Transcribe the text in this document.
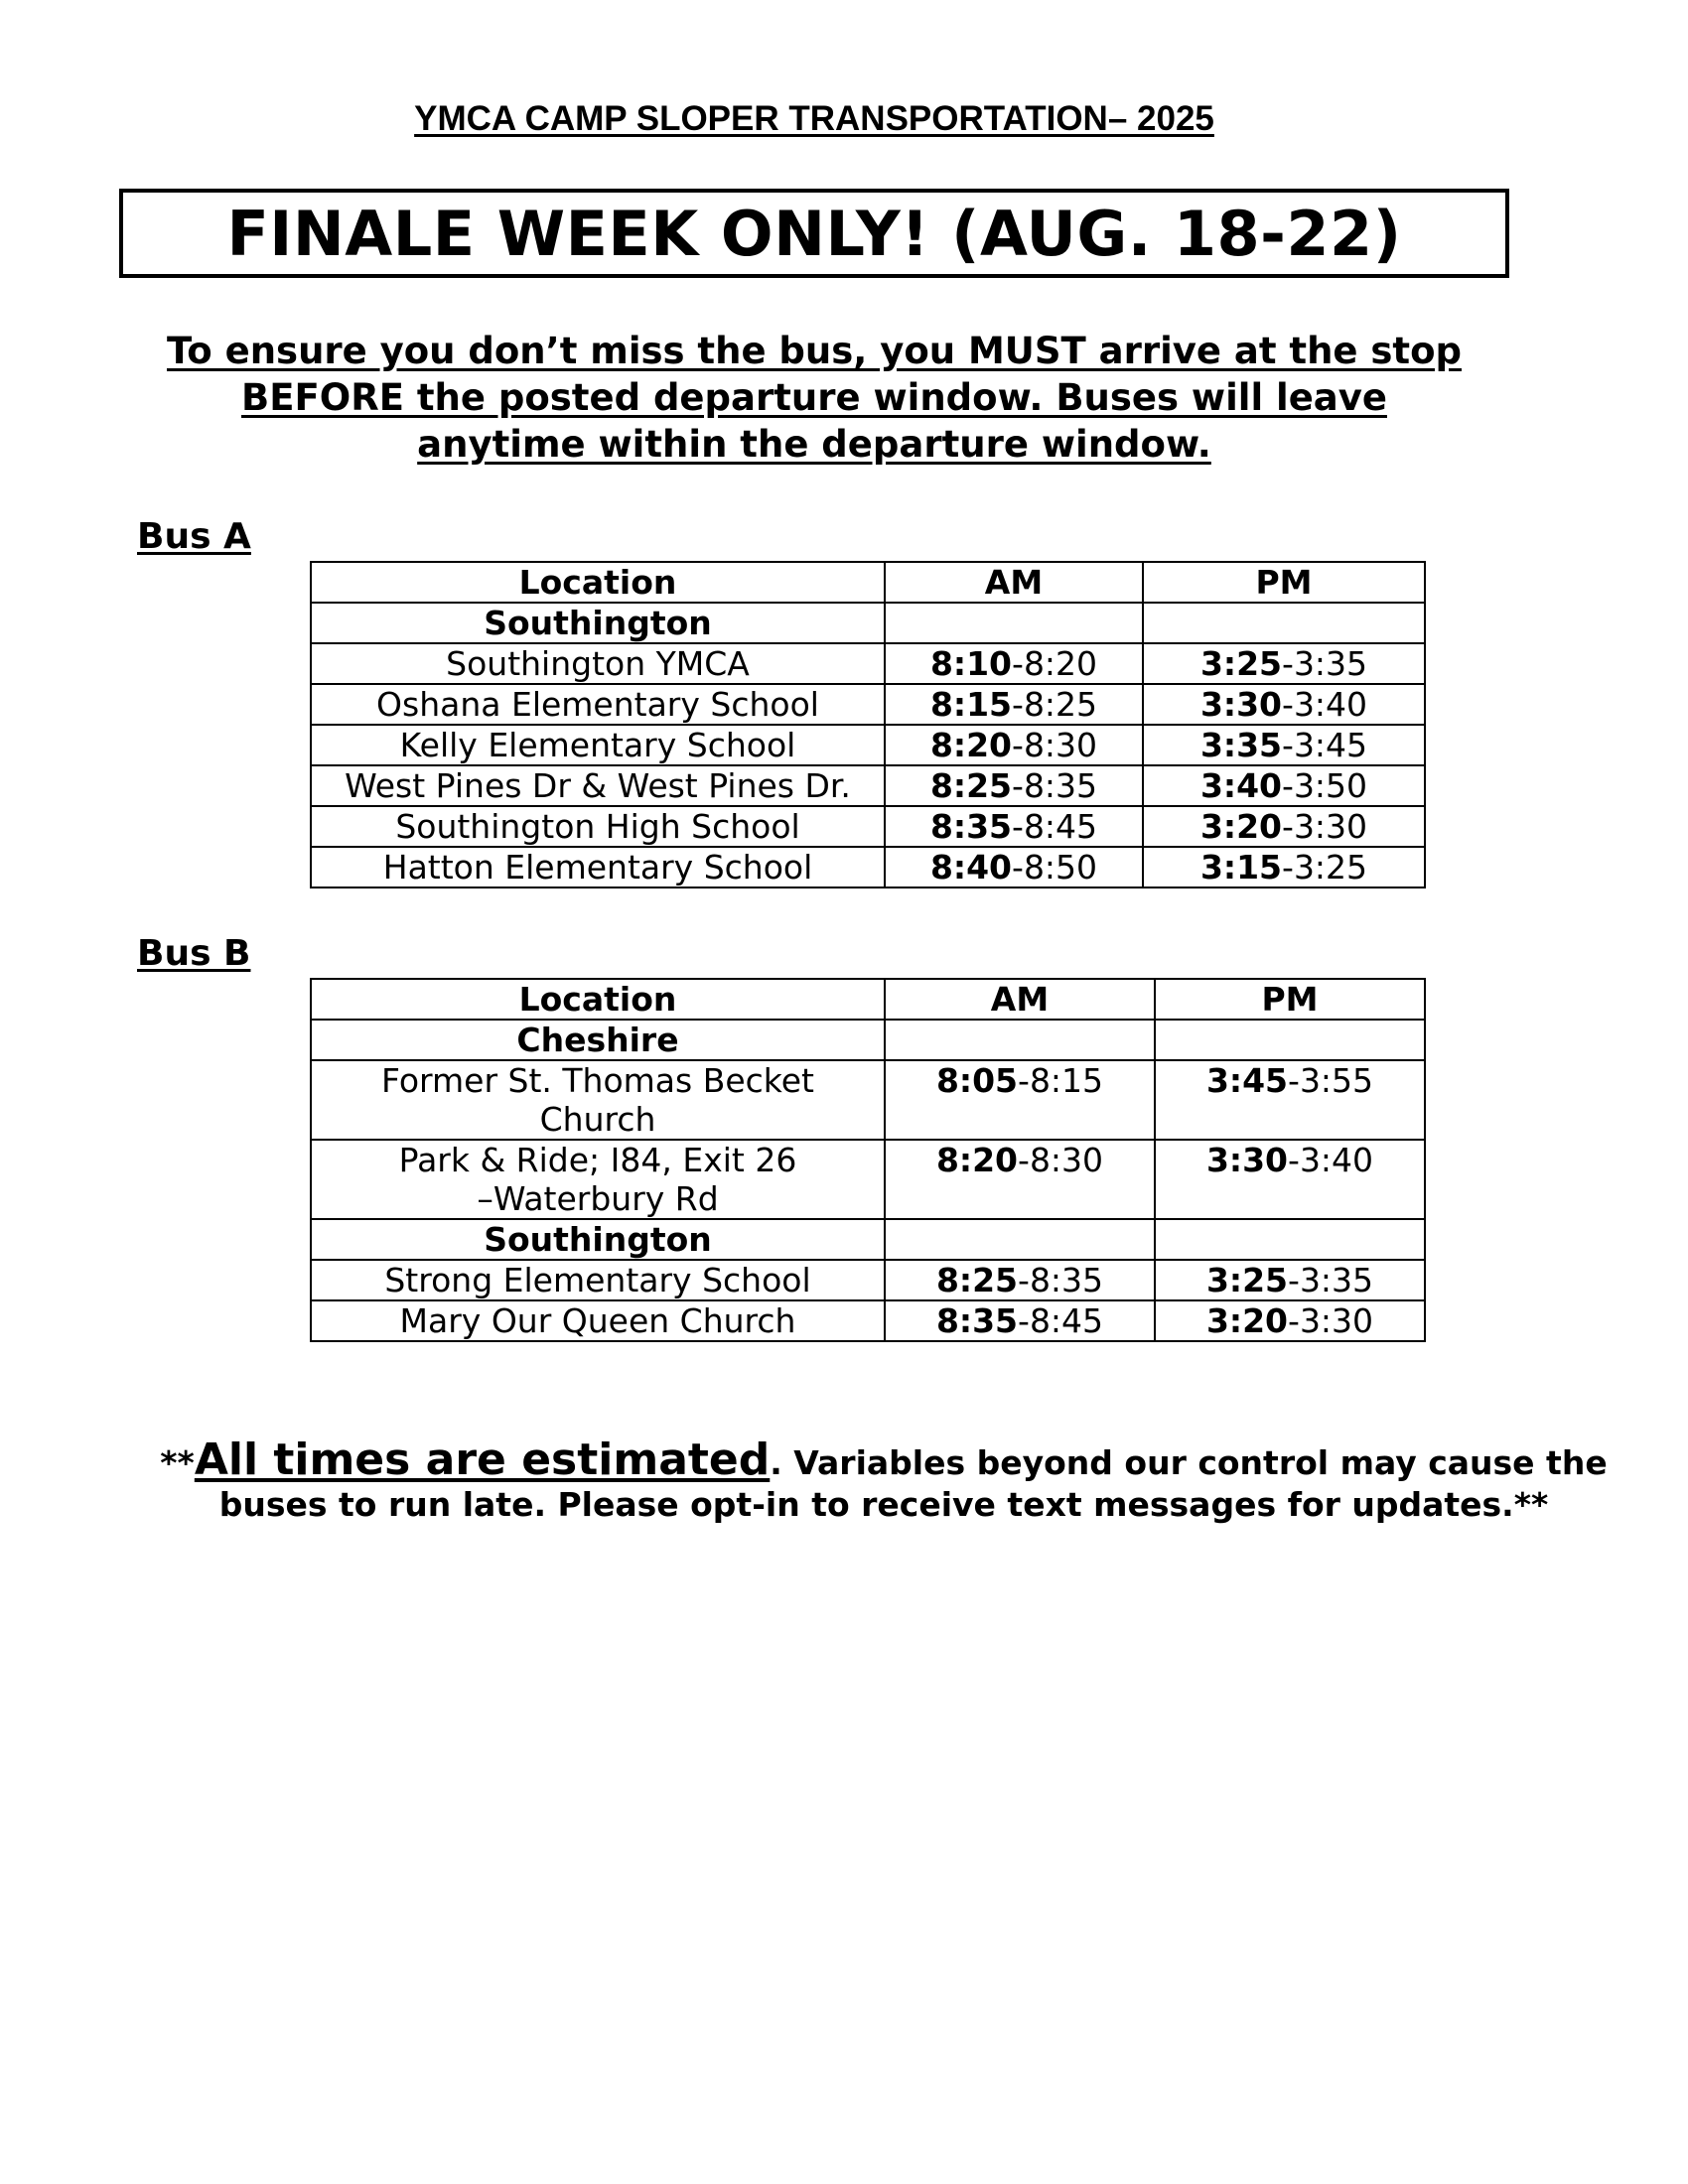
YMCA CAMP SLOPER TRANSPORTATION– 2025
FINALE WEEK ONLY! (AUG. 18-22)
To ensure you don’t miss the bus, you MUST arrive at the stop
BEFORE the posted departure window. Buses will leave
anytime within the departure window.
Bus A
Location	AM	PM
Southington		
Southington YMCA	8:10-8:20	3:25-3:35
Oshana Elementary School	8:15-8:25	3:30-3:40
Kelly Elementary School	8:20-8:30	3:35-3:45
West Pines Dr & West Pines Dr.	8:25-8:35	3:40-3:50
Southington High School	8:35-8:45	3:20-3:30
Hatton Elementary School	8:40-8:50	3:15-3:25
Bus B
Location	AM	PM
Cheshire		

Former St. Thomas Becket
Church	8:05-8:15	3:45-3:55

Park & Ride; I84, Exit 26
–Waterbury Rd	8:20-8:30	3:30-3:40
Southington		
Strong Elementary School	8:25-8:35	3:25-3:35
Mary Our Queen Church	8:35-8:45	3:20-3:30
**All times are estimated. Variables beyond our control may cause the
buses to run late. Please opt-in to receive text messages for updates.**
